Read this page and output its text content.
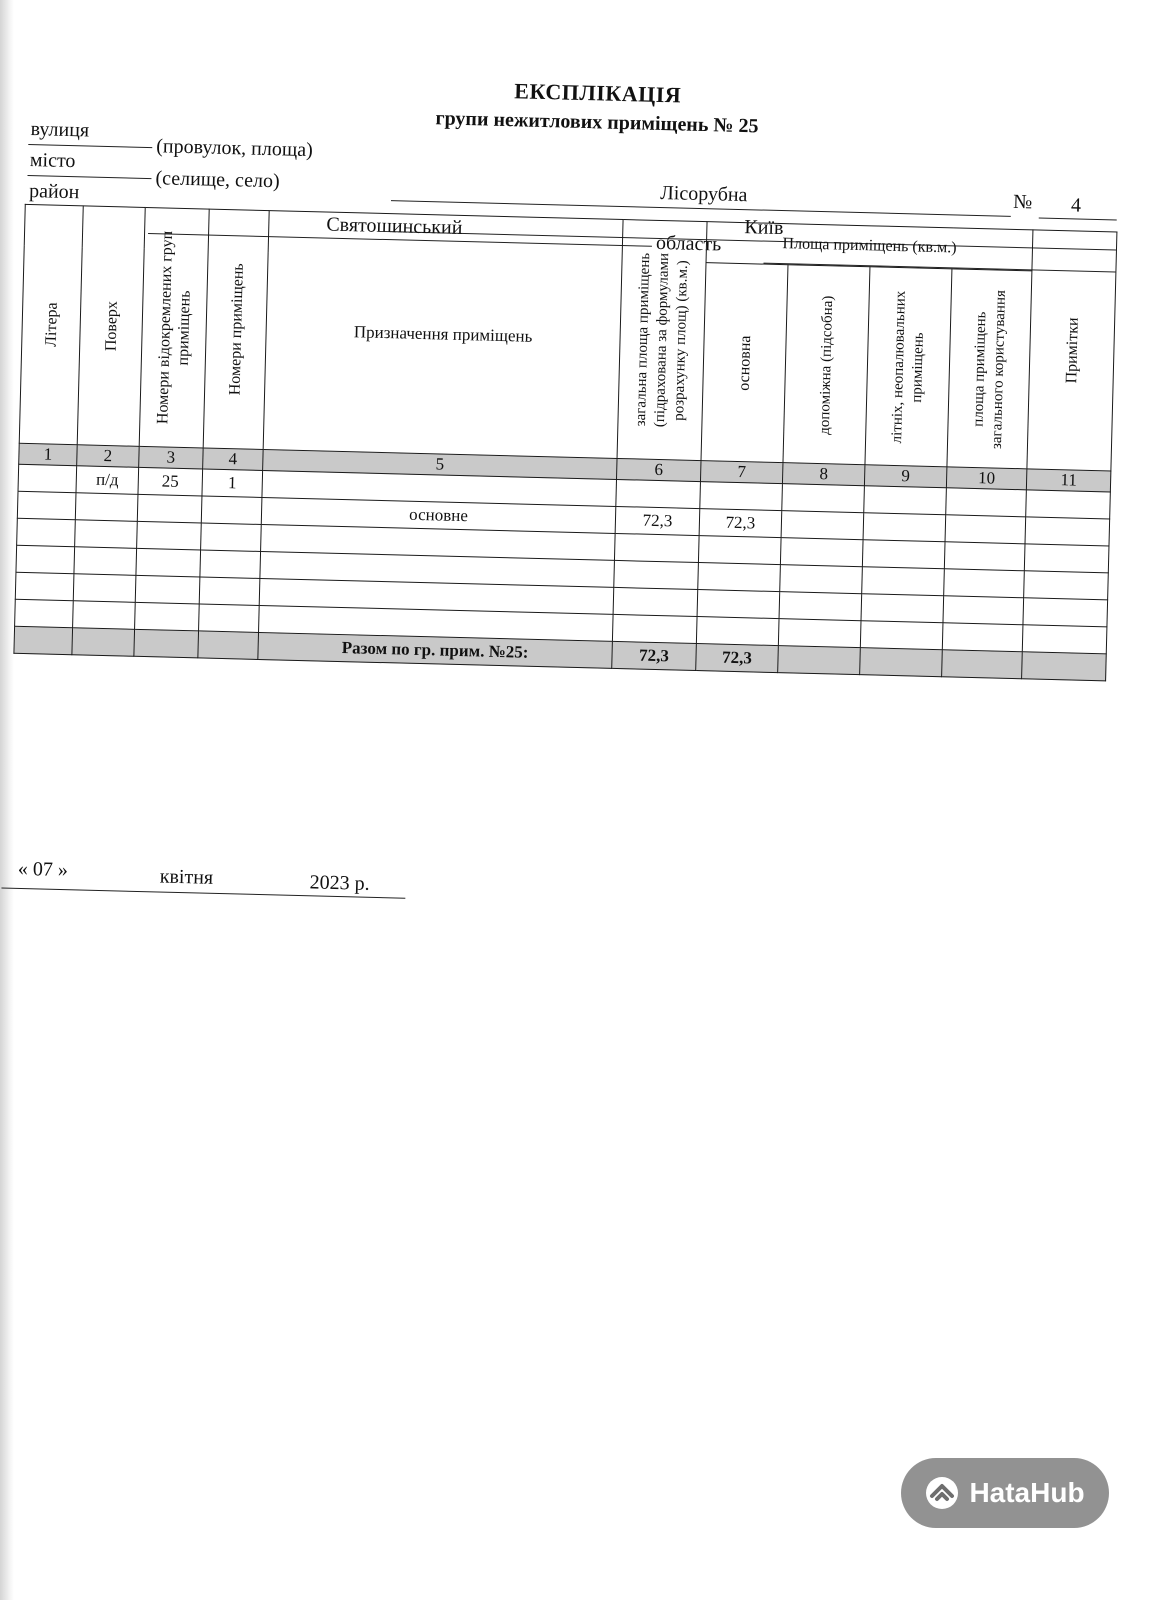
ЕКСПЛІКАЦІЯ
групи нежитлових приміщень № 25
вулиця
(провулок, площа)
Лісорубна	№ 4
місто
(селище, село)
Київ
район
Святошинський
область
Літера	Поверх	Номери відокремлених груп приміщень	Номери приміщень	Призначення приміщень	загальна площа приміщень (підрахована за формулами розрахунку площ) (кв.м.)	Площа приміщень (кв.м.)				Примітки

						основна	допоміжна (підсобна)	літніх, неопалювальних приміщень	площа приміщень загального користування	

1	2	3	4	5	6	7	8	9	10	11
	п/д	25	1							
				основне	72,3	72,3				

				Разом по гр. прим. №25:	72,3	72,3				
« 07 »	квітня	2023 р.
HataHub
